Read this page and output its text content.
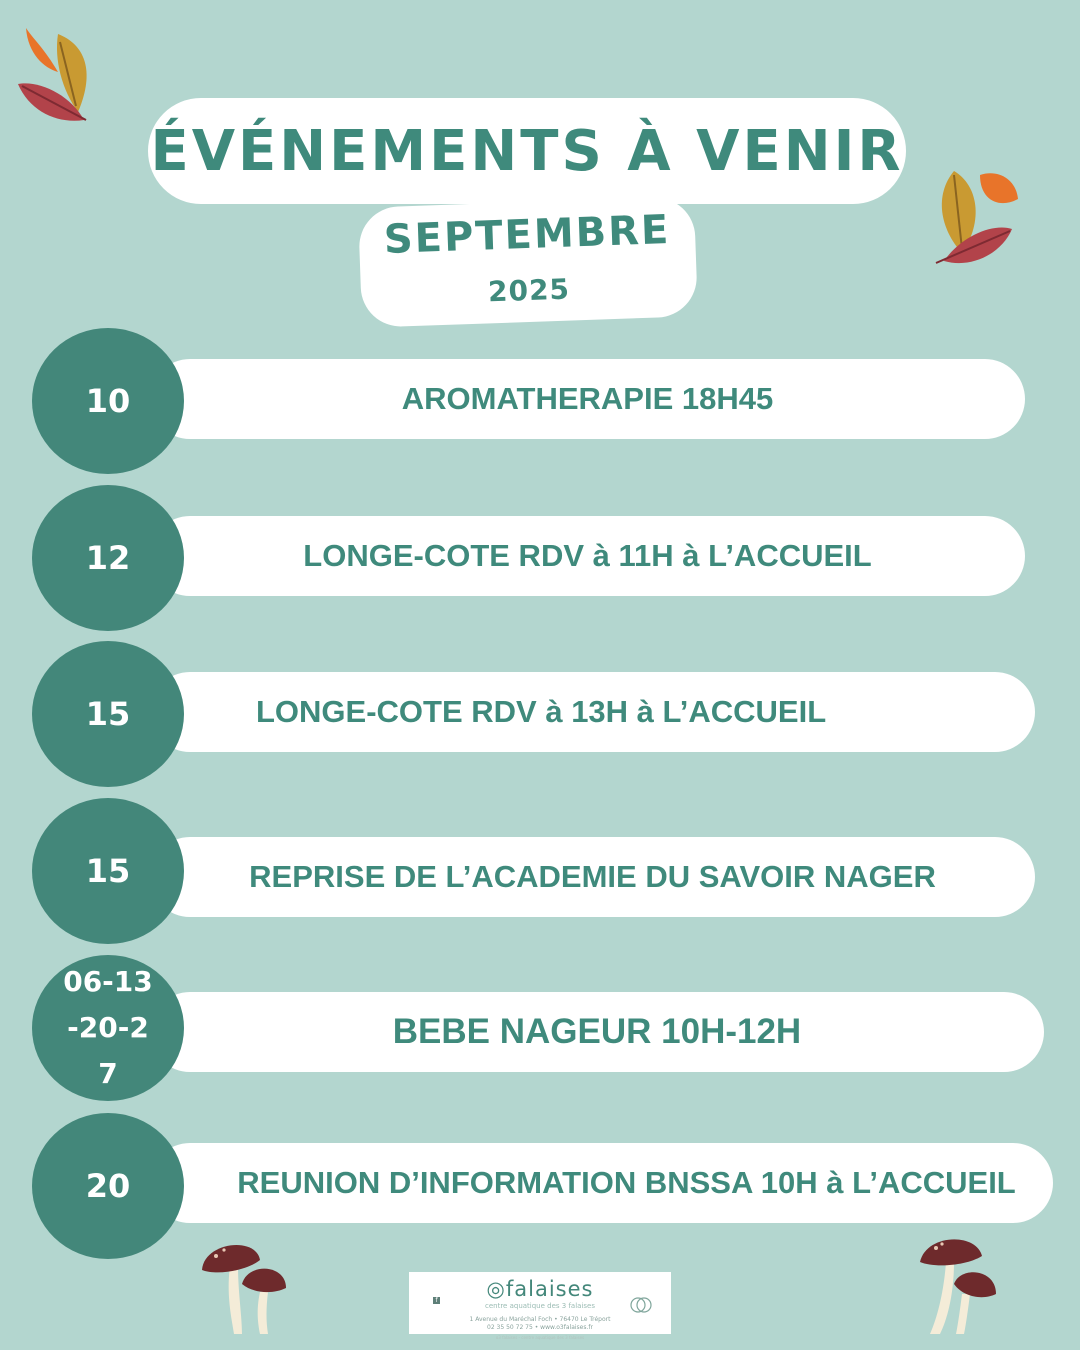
ÉVÉNEMENTS À VENIR
SEPTEMBRE
2025
AROMATHERAPIE 18H45
10
LONGE-COTE RDV à 11H à L’ACCUEIL
12
LONGE-COTE RDV à 13H à L’ACCUEIL
15
REPRISE DE L’ACADEMIE DU SAVOIR NAGER
15
BEBE NAGEUR 10H-12H
06-13-20-27
REUNION D’INFORMATION BNSSA 10H à L’ACCUEIL
20
◎falaises
centre aquatique des 3 falaises
1 Avenue du Maréchal Foch • 76470 Le Tréport
02 35 50 72 75 • www.o3falaises.fr
o3 falaises - centre aquatique des 3 falaises
f
